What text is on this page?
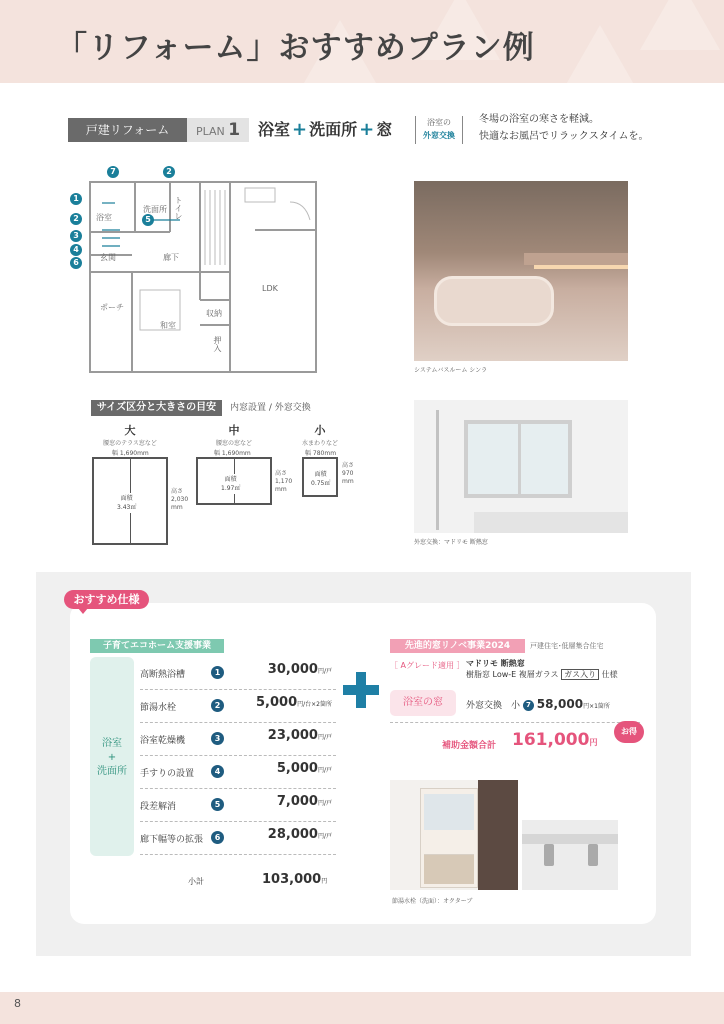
「リフォーム」おすすめプラン例
戸建リフォーム	PLAN 1	浴室 + 洗面所 + 窓	浴室の
外窓交換
冬場の浴室の寒さを軽減。
快適なお風呂でリラックスタイムを。
浴室
洗面所 トイレ
玄関	廊下
LDK
ポーチ
和室
収納
押入
7	2
1
2	5
3
4
6
サイズ区分と大きさの目安	内窓設置 / 外窓交換
大
腰窓のテラス窓など
幅 1,690mm
面積
3.43㎡
高さ
2,030
mm
中
腰窓の窓など
幅 1,690mm
面積
1.97㎡
高さ
1,170
mm
小
水まわりなど
幅 780mm
面積
0.75㎡
高さ
970
mm
システムバスルーム シンラ
外窓交換：マドリモ 断熱窓
おすすめ仕様
子育てエコホーム支援事業
浴室
+
洗面所
高断熱浴槽	1	30,000円/戸
節湯水栓	2	5,000円/台×2箇所
浴室乾燥機	3	23,000円/戸
手すりの設置	4	5,000円/戸
段差解消	5	7,000円/戸
廊下幅等の拡張	6	28,000円/戸
小計	103,000円
先進的窓リノベ事業2024	戸建住宅･低層集合住宅
［ Aグレード適用 ］ マドリモ 断熱窓
樹脂窓 Low-E 複層ガラス ガス入り 仕様
浴室の窓	外窓交換　小 7 58,000円×1箇所
補助金額合計 161,000円
お得
節湯水栓（洗面）：オクターブ
8
